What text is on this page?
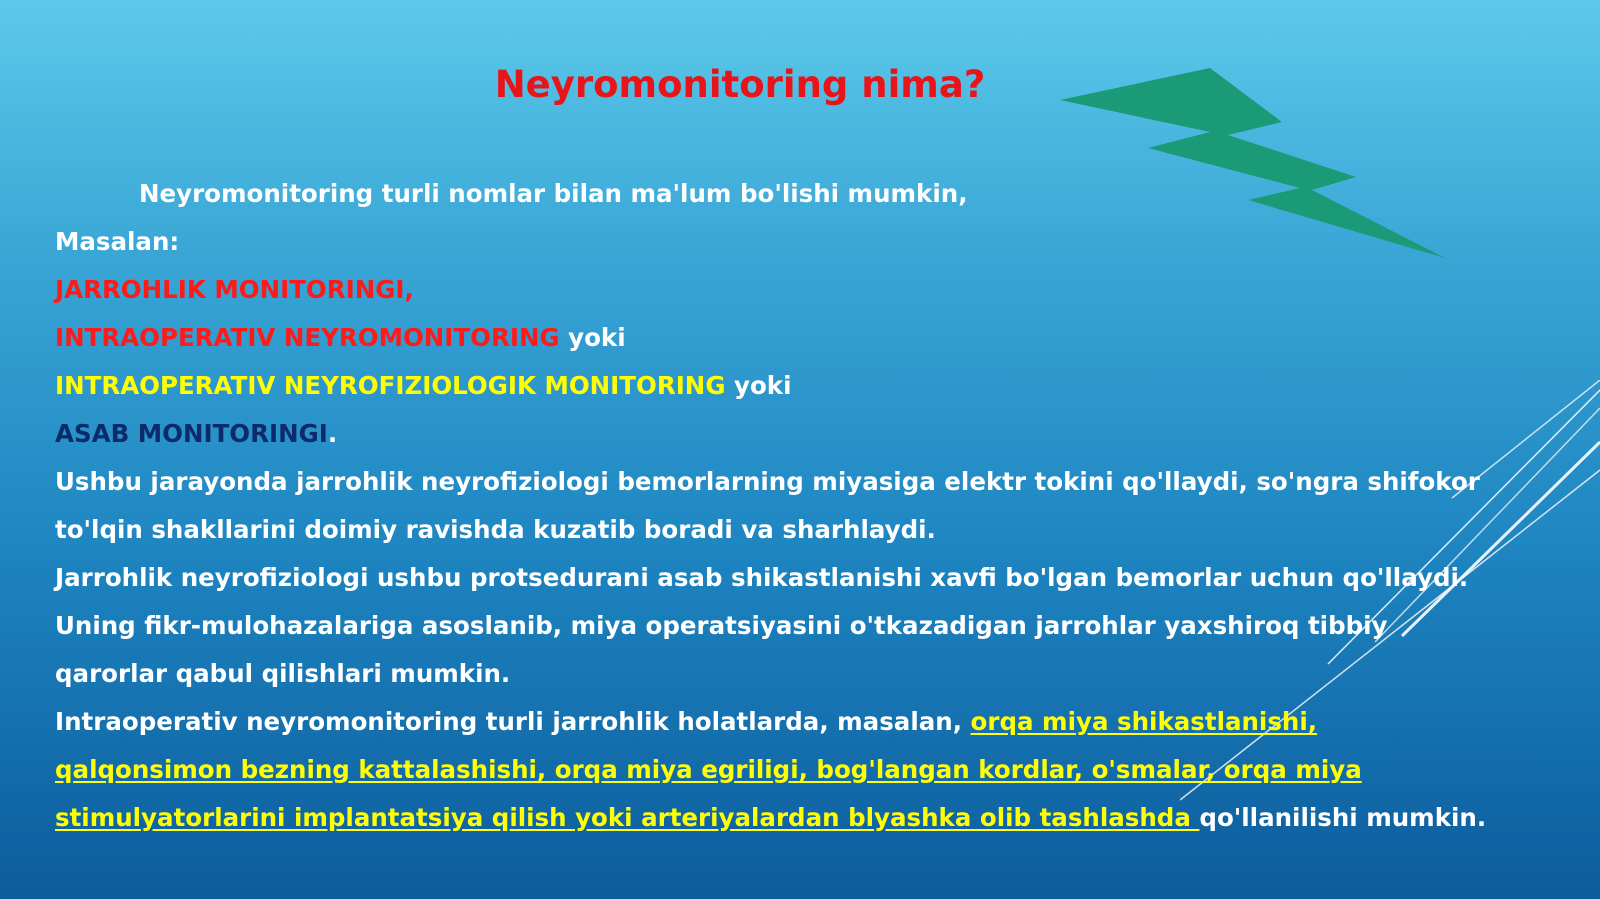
Neyromonitoring nima?

Neyromonitoring turli nomlar bilan ma'lum bo'lishi mumkin,

Masalan:

JARROHLIK MONITORINGI,

INTRAOPERATIV NEYROMONITORING yoki

INTRAOPERATIV NEYROFIZIOLOGIK MONITORING yoki

ASAB MONITORINGI.

Ushbu jarayonda jarrohlik neyrofiziologi bemorlarning miyasiga elektr tokini qo'llaydi, so'ngra shifokor to'lqin shakllarini doimiy ravishda kuzatib boradi va sharhlaydi.

Jarrohlik neyrofiziologi ushbu protsedurani asab shikastlanishi xavfi bo'lgan bemorlar uchun qo'llaydi.

Uning fikr-mulohazalariga asoslanib, miya operatsiyasini o'tkazadigan jarrohlar yaxshiroq tibbiy qarorlar qabul qilishlari mumkin.

Intraoperativ neyromonitoring turli jarrohlik holatlarda, masalan, orqa miya shikastlanishi, qalqonsimon bezning kattalashishi, orqa miya egriligi, bog'langan kordlar, o'smalar, orqa miya stimulyatorlarini implantatsiya qilish yoki arteriyalardan blyashka olib tashlashda qo'llanilishi mumkin.
